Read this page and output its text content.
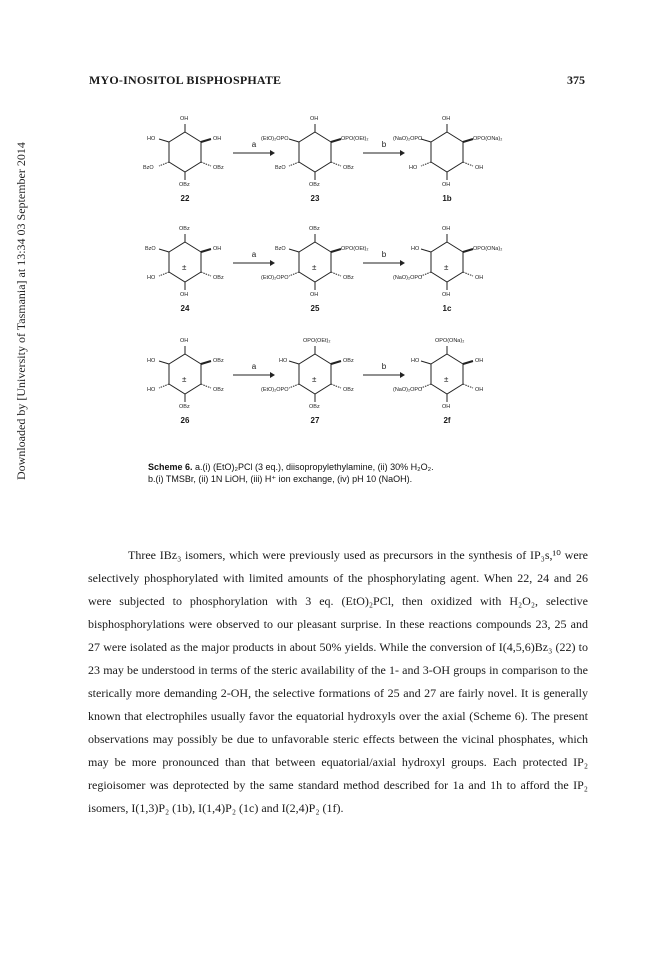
MYO-INOSITOL BISPHOSPHATE	375
Downloaded by [University of Tasmania] at 13:34 03 September 2014
OH
HO	OH
BzO	OBz
OBz
22
a
OH
(EtO)₂OPO	OPO(OEt)₂
BzO	OBz
OBz
23
b
OH
(NaO)₂OPO	OPO(ONa)₂
HO	OH
OH
1b
OBz
BzO	OH
HO	OBz
OH
±
24
a
OBz
BzO	OPO(OEt)₂
(EtO)₂OPO	OBz
OH
±
25
b
OH
HO	OPO(ONa)₂
(NaO)₂OPO	OH
OH
±
1c
OH
HO	OBz
HO	OBz
OBz
±
26
a
OPO(OEt)₂
HO	OBz
(EtO)₂OPO	OBz
OBz
±
27
b
OPO(ONa)₂
HO	OH
(NaO)₂OPO	OH
OH
±
2f
Scheme 6. a.(i) (EtO)₂PCl (3 eq.), diisopropylethylamine, (ii) 30% H₂O₂.
b.(i) TMSBr, (ii) 1N LiOH, (iii) H⁺ ion exchange, (iv) pH 10 (NaOH).

Three IBz₃ isomers, which were previously used as precursors in the synthesis of IP₃s,¹⁰ were selectively phosphorylated with limited amounts of the phosphorylating agent. When 22, 24 and 26 were subjected to phosphorylation with 3 eq. (EtO)₂PCl, then oxidized with H₂O₂, selective bisphosphorylations were observed to our pleasant surprise. In these reactions compounds 23, 25 and 27 were isolated as the major products in about 50% yields. While the conversion of I(4,5,6)Bz₃ (22) to 23 may be understood in terms of the steric availability of the 1- and 3-OH groups in comparison to the sterically more demanding 2-OH, the selective formations of 25 and 27 are fairly novel. It is generally known that electrophiles usually favor the equatorial hydroxyls over the axial (Scheme 6). The present observations may possibly be due to unfavorable steric effects between the vicinal phosphates, which may be more pronounced than that between equatorial/axial hydroxyl groups. Each protected IP₂ regioisomer was deprotected by the same standard method described for 1a and 1h to afford the IP₂ isomers, I(1,3)P₂ (1b), I(1,4)P₂ (1c) and I(2,4)P₂ (1f).
